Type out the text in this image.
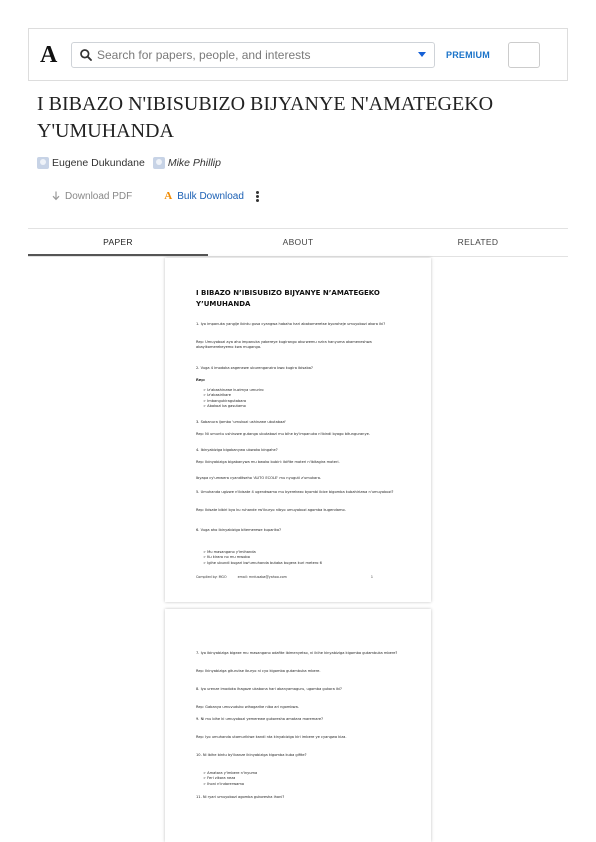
A
Search for papers, people, and interests	PREMIUM
I BIBAZO N'IBISUBIZO BIJYANYE N'AMATEGEKO Y'UMUHANDA
Eugene Dukundane Mike Phillip
Download PDF	A Bulk Download
PAPER	ABOUT	RELATED
I BIBAZO N’IBISUBIZO BIJYANYE N’AMATEGEKO Y’UMUHANDA
1. Iyo impanuka yangije ibintu gusa cyangwa habaho hari abakomeretse byoroheje umuyobozi akora iki?
Rep: Umuyobozi aya aho impanuka yabereye kugirango akurwemu nzira hanyuma akameneshwa abayikomerekeyemo kwa muganga.
2. Vuga 4 imodoka zagenewe uburenganzira bwo kugira ibisaba?
Rep:
➢ Iz'abashinzwe kuzimya umuriro
➢ Iz'abasirikare
➢ Imbangukiragutabara
➢ Abakozi ba gasutamo
3. Sobanura ijambo 'umukozi ushinzwe ubutabazi'
Rep: Ni umuntu ushinzwe gutanga ubutabazi mu bihe by'impanuka n'ibindi byago bitunguranye.
4. Ibinyabiziga bigabanywa ubwoko bingahe?
Rep: Ibinyabiziga bigabanywa mu bwoko bubiri: ibifite moteri n'ibitagira moteri.
Ibyapa cy'umwera cyanditseho 'AUTO ECOLE' mu nyuguti z'umukara.
5. Umuhanda ugizwe n'ibisate 4 ugendwamo mu byerekezo byombi ibice bigomba kubahirizwa n'umuyobozi?
Rep: Ibisate bibiri byo ku ruhande rw'iburyo nibyo umuyobozi agomba kugendamo.
6. Vuga aho ibinyabiziga bitemerewe kuparika?
➢ Mu masangano y'imihanda
➢ Ku kiraro no mu mwobo
➢ Igihe ubundi bugari bw'umuhanda butaba bugera kuri metero 6
Compiled by: MGO	email: mrdusaba@yahoo.com	1
7. Iyo ibinyabiziga bigeze mu masangano adafite ibimenyetso, ni ikihe kinyabiziga kigomba gutambuka mbere?
Rep: Ikinyabiziga giturutse iburyo ni cyo kigomba gutambuka mbere.
8. Iyo urenze imodoka ihagaze ukabona hari abanyamaguru, ugomba gukora iki?
Rep: Gabanya umuvuduko wihagarike niba ari ngombwa.
9. Ni mu bihe ki umuyobozi yemerewe gukoresha amatara maremare?
Rep: Iyo umuhanda utamurikiwe kandi nta kinyabiziga kiri imbere ye cyangwa kiza.
10. Ni ibihe bintu by'ibanze ikinyabiziga kigomba kuba gifite?
➢ Amatara y'imbere n'inyuma
➢ Feri zikora neza
➢ Ihoni n'indorerwamo
11. Ni ryari umuyobozi agomba gukoresha ihoni?
